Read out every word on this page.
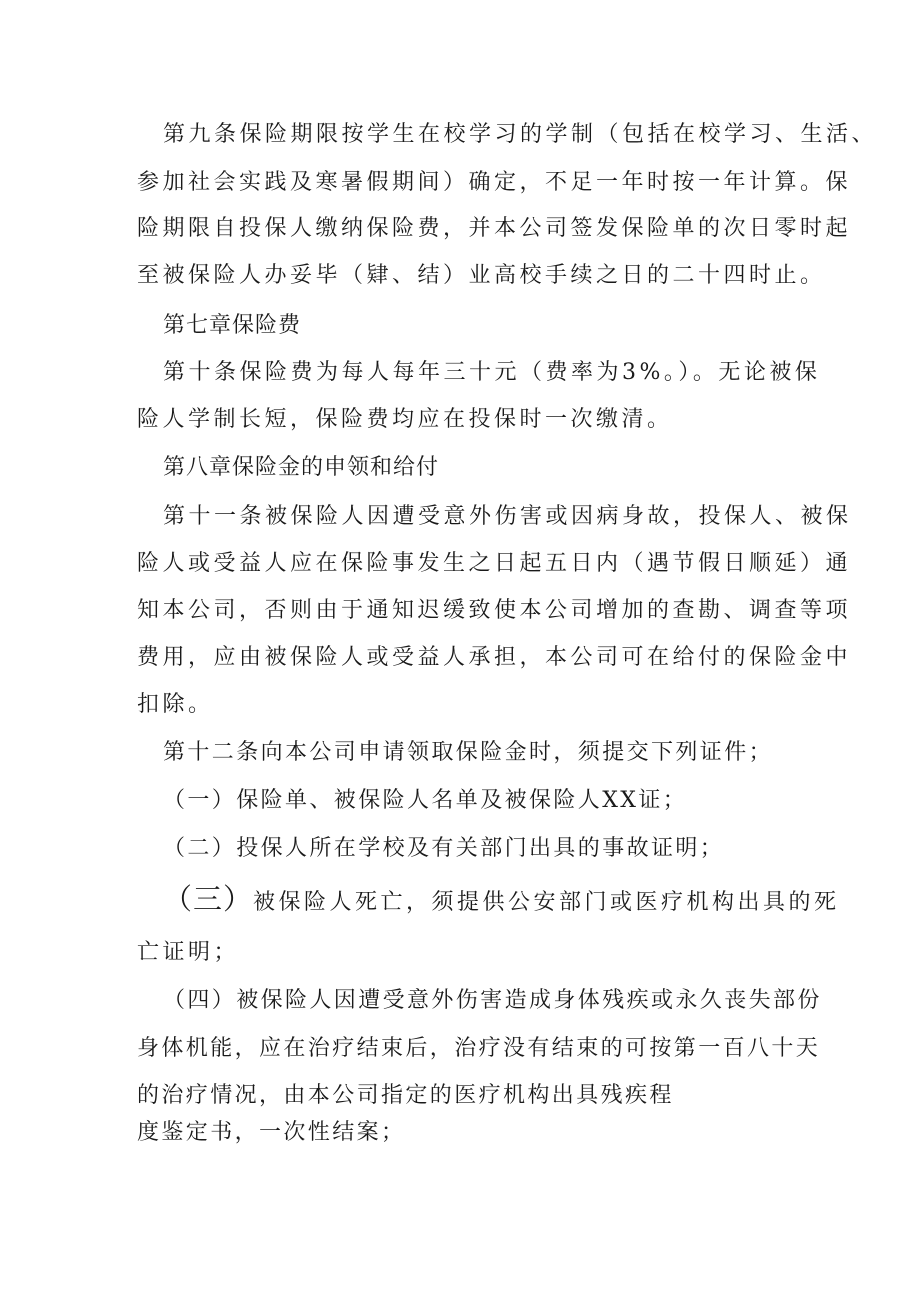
第九条保险期限按学生在校学习的学制（包括在校学习、生活、
参加社会实践及寒暑假期间）确定，不足一年时按一年计算。保
险期限自投保人缴纳保险费，并本公司签发保险单的次日零时起
至被保险人办妥毕（肄、结）业高校手续之日的二十四时止。
第七章保险费
第十条保险费为每人每年三十元（费率为3%。）。无论被保
险人学制长短，保险费均应在投保时一次缴清。
第八章保险金的申领和给付
第十一条被保险人因遭受意外伤害或因病身故，投保人、被保
险人或受益人应在保险事发生之日起五日内（遇节假日顺延）通
知本公司，否则由于通知迟缓致使本公司增加的查勘、调查等项
费用，应由被保险人或受益人承担，本公司可在给付的保险金中
扣除。
第十二条向本公司申请领取保险金时，须提交下列证件；
（一）保险单、被保险人名单及被保险人XX证；
（二）投保人所在学校及有关部门出具的事故证明；
（三）被保险人死亡，须提供公安部门或医疗机构出具的死
亡证明；
（四）被保险人因遭受意外伤害造成身体残疾或永久丧失部份
身体机能，应在治疗结束后，治疗没有结束的可按第一百八十天
的治疗情况，由本公司指定的医疗机构出具残疾程
度鉴定书，一次性结案；
